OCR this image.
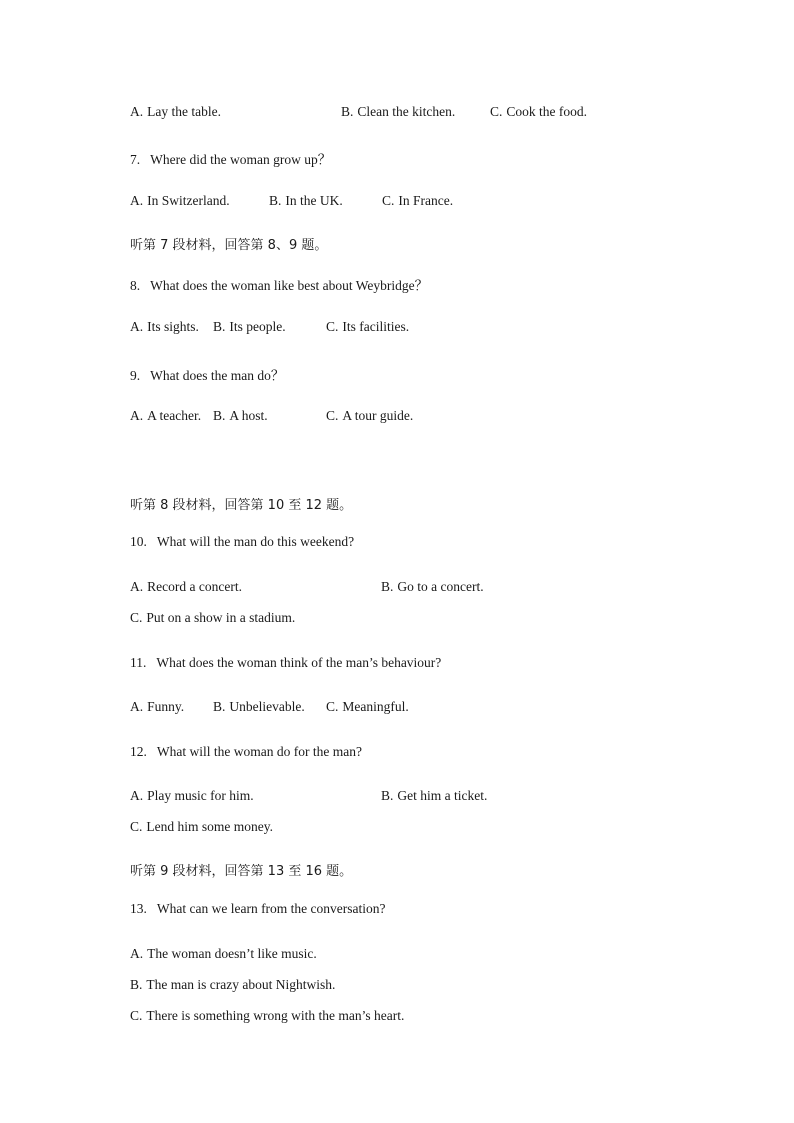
A. Lay the table.	B. Clean the kitchen.	C. Cook the food.
7. Where did the woman grow up？
A. In Switzerland.	B. In the UK.	C. In France.
听第 7 段材料，回答第 8、9 题。
8. What does the woman like best about Weybridge？
A. Its sights. B. Its people.	C. Its facilities.
9. What does the man do？
A. A teacher. B. A host.	C. A tour guide.
听第 8 段材料，回答第 10 至 12 题。
10. What will the man do this weekend?
A. Record a concert.	B. Go to a concert.
C. Put on a show in a stadium.
11. What does the woman think of the man’s behaviour?
A. Funny. B. Unbelievable. C. Meaningful.
12. What will the woman do for the man?
A. Play music for him.	B. Get him a ticket.
C. Lend him some money.
听第 9 段材料，回答第 13 至 16 题。
13. What can we learn from the conversation?
A. The woman doesn’t like music.
B. The man is crazy about Nightwish.
C. There is something wrong with the man’s heart.
